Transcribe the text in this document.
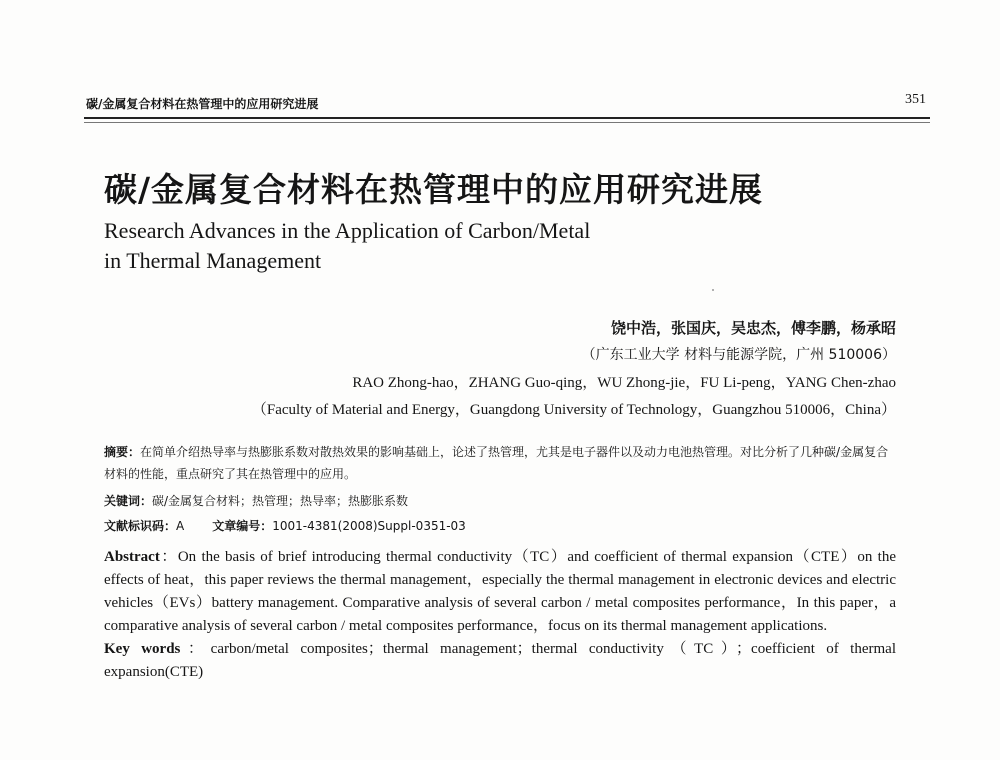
碳/金属复合材料在热管理中的应用研究进展	351
碳/金属复合材料在热管理中的应用研究进展
Research Advances in the Application of Carbon/Metal
in Thermal Management
饶中浩，张国庆，吴忠杰，傅李鹏，杨承昭
（广东工业大学 材料与能源学院，广州 510006）
RAO Zhong-hao，ZHANG Guo-qing，WU Zhong-jie，FU Li-peng，YANG Chen-zhao
（Faculty of Material and Energy，Guangdong University of Technology，Guangzhou 510006，China）
摘要：在简单介绍热导率与热膨胀系数对散热效果的影响基础上，论述了热管理，尤其是电子器件以及动力电池热管理。对比分析了几种碳/金属复合材料的性能，重点研究了其在热管理中的应用。
关键词：碳/金属复合材料；热管理；热导率；热膨胀系数
文献标识码：A 文章编号：1001-4381(2008)Suppl-0351-03

Abstract：On the basis of brief introducing thermal conductivity（TC）and coefficient of thermal expansion（CTE）on the effects of heat，this paper reviews the thermal management，especially the thermal management in electronic devices and electric vehicles（EVs）battery management. Comparative analysis of several carbon / metal composites performance，In this paper，a comparative analysis of several carbon / metal composites performance，focus on its thermal management applications.

Key words：carbon/metal composites；thermal management；thermal conductivity（TC）；coefficient of thermal expansion(CTE)
